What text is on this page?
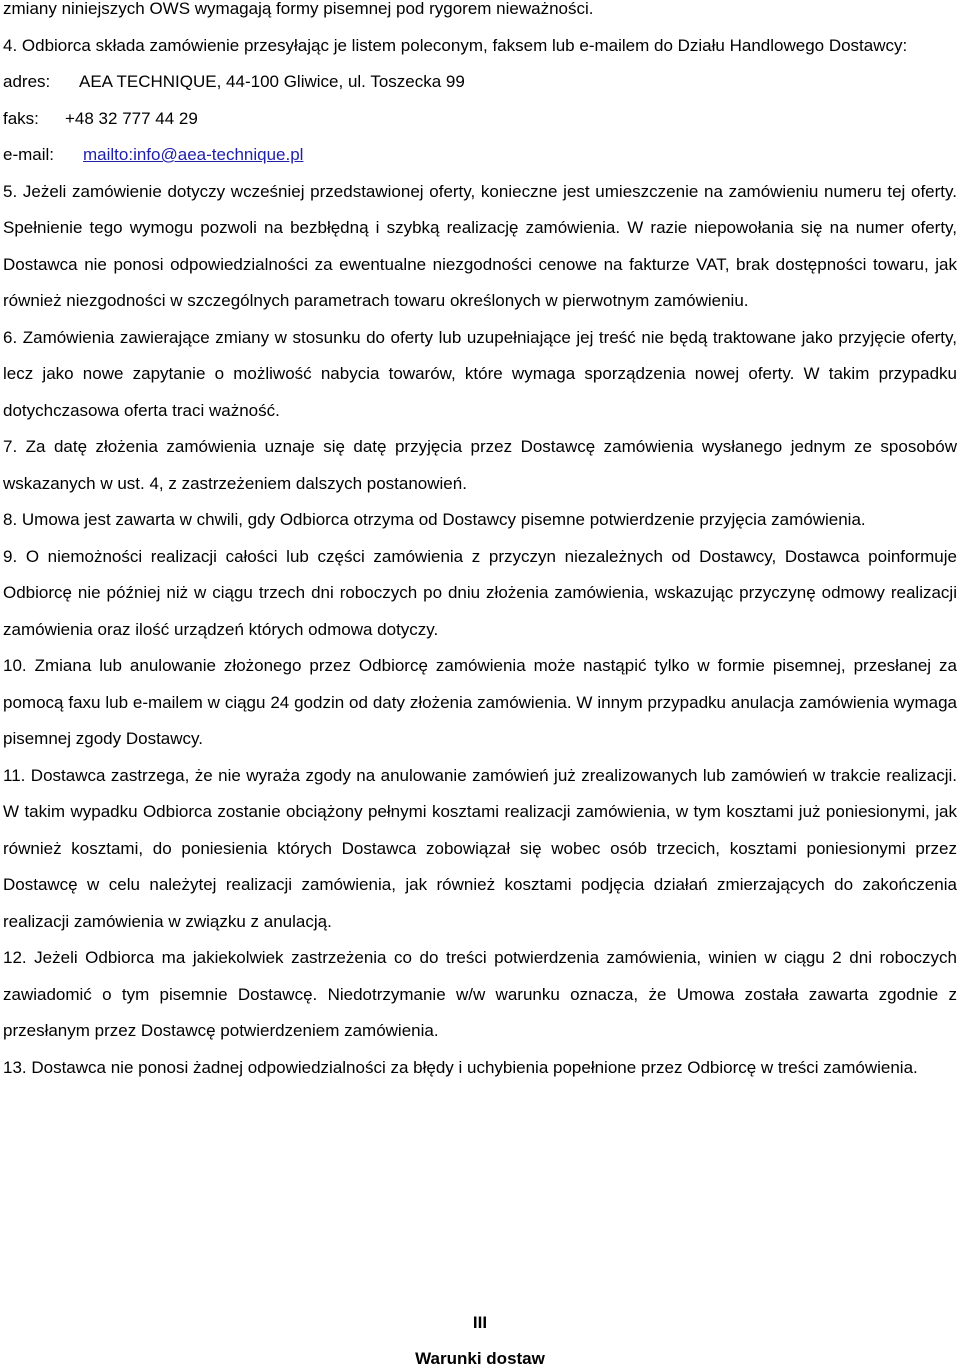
zmiany niniejszych OWS wymagają formy pisemnej pod rygorem nieważności.

4. Odbiorca składa zamówienie przesyłając je listem poleconym, faksem lub e-mailem do Działu Handlowego Dostawcy:

adres: AEA TECHNIQUE, 44-100 Gliwice, ul. Toszecka 99

faks: +48 32 777 44 29

e-mail: mailto:info@aea-technique.pl

5. Jeżeli zamówienie dotyczy wcześniej przedstawionej oferty, konieczne jest umieszczenie na zamówieniu numeru tej oferty. Spełnienie tego wymogu pozwoli na bezbłędną i szybką realizację zamówienia. W razie niepowołania się na numer oferty, Dostawca nie ponosi odpowiedzialności za ewentualne niezgodności cenowe na fakturze VAT, brak dostępności towaru, jak również niezgodności w szczególnych parametrach towaru określonych w pierwotnym zamówieniu.

6. Zamówienia zawierające zmiany w stosunku do oferty lub uzupełniające jej treść nie będą traktowane jako przyjęcie oferty, lecz jako nowe zapytanie o możliwość nabycia towarów, które wymaga sporządzenia nowej oferty. W takim przypadku dotychczasowa oferta traci ważność.

7. Za datę złożenia zamówienia uznaje się datę przyjęcia przez Dostawcę zamówienia wysłanego jednym ze sposobów wskazanych w ust. 4, z zastrzeżeniem dalszych postanowień.

8. Umowa jest zawarta w chwili, gdy Odbiorca otrzyma od Dostawcy pisemne potwierdzenie przyjęcia zamówienia.

9. O niemożności realizacji całości lub części zamówienia z przyczyn niezależnych od Dostawcy, Dostawca poinformuje Odbiorcę nie później niż w ciągu trzech dni roboczych po dniu złożenia zamówienia, wskazując przyczynę odmowy realizacji zamówienia oraz ilość urządzeń których odmowa dotyczy.

10. Zmiana lub anulowanie złożonego przez Odbiorcę zamówienia może nastąpić tylko w formie pisemnej, przesłanej za pomocą faxu lub e-mailem w ciągu 24 godzin od daty złożenia zamówienia. W innym przypadku anulacja zamówienia wymaga pisemnej zgody Dostawcy.

11. Dostawca zastrzega, że nie wyraża zgody na anulowanie zamówień już zrealizowanych lub zamówień w trakcie realizacji. W takim wypadku Odbiorca zostanie obciążony pełnymi kosztami realizacji zamówienia, w tym kosztami już poniesionymi, jak również kosztami, do poniesienia których Dostawca zobowiązał się wobec osób trzecich, kosztami poniesionymi przez Dostawcę w celu należytej realizacji zamówienia, jak również kosztami podjęcia działań zmierzających do zakończenia realizacji zamówienia w związku z anulacją.

12. Jeżeli Odbiorca ma jakiekolwiek zastrzeżenia co do treści potwierdzenia zamówienia, winien w ciągu 2 dni roboczych zawiadomić o tym pisemnie Dostawcę. Niedotrzymanie w/w warunku oznacza, że Umowa została zawarta zgodnie z przesłanym przez Dostawcę potwierdzeniem zamówienia.

13. Dostawca nie ponosi żadnej odpowiedzialności za błędy i uchybienia popełnione przez Odbiorcę w treści zamówienia.

III
Warunki dostaw
